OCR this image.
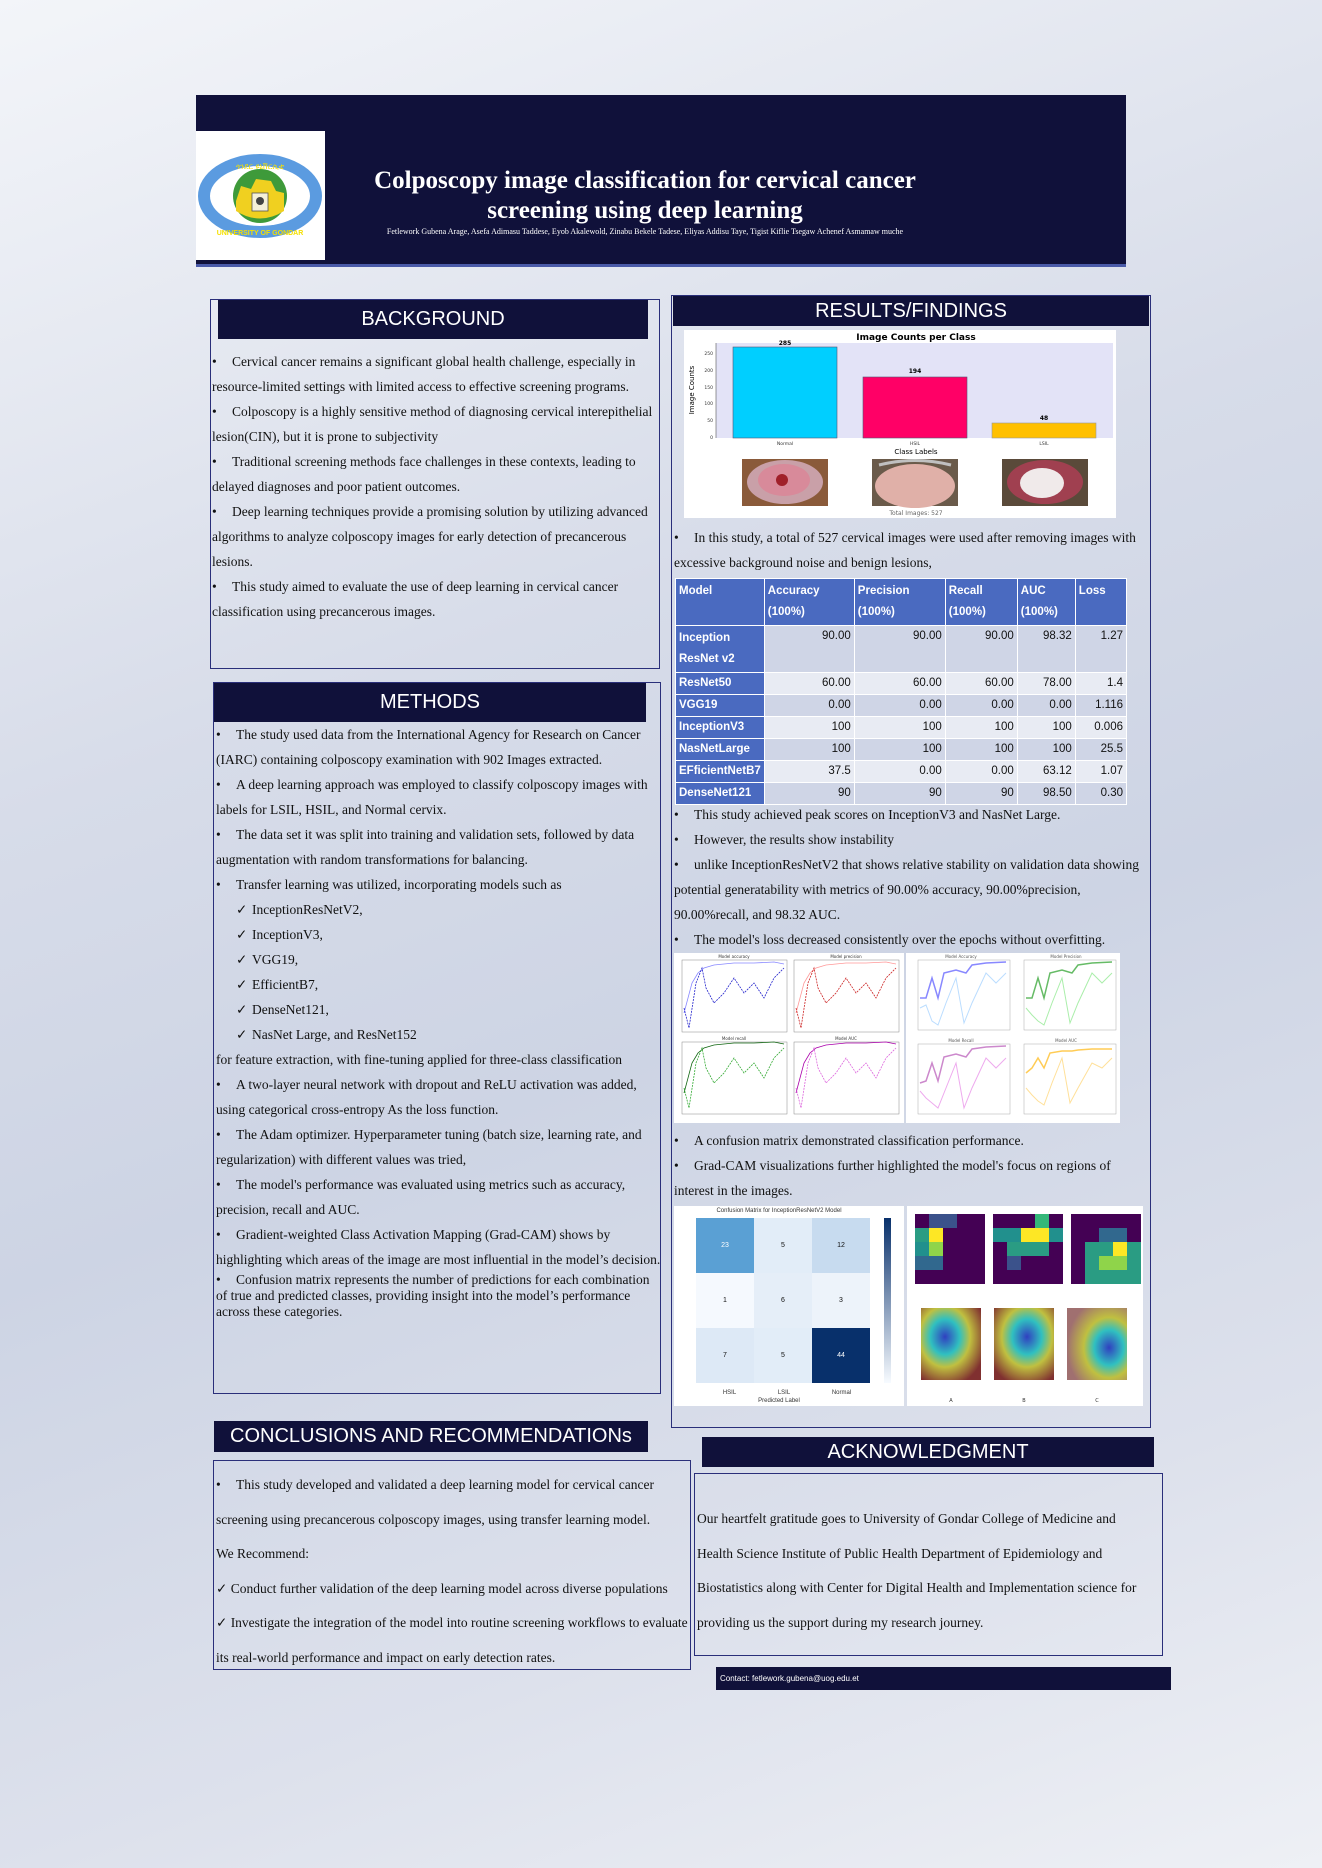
ጎንደር ዩኒቨርሲቲ
UNIVERSITY OF GONDAR
Colposcopy image classification for cervical cancer
screening using deep learning
Fetlework Gubena Arage, Asefa Adimasu Taddese, Eyob Akalewold, Zinabu Bekele Tadese, Eliyas Addisu Taye, Tigist Kiflie Tsegaw Achenef Asmamaw muche
BACKGROUND

• Cervical cancer remains a significant global health challenge, especially in resource-limited settings with limited access to effective screening programs.

• Colposcopy is a highly sensitive method of diagnosing cervical interepithelial lesion(CIN), but it is prone to subjectivity

• Traditional screening methods face challenges in these contexts, leading to delayed diagnoses and poor patient outcomes.

• Deep learning techniques provide a promising solution by utilizing advanced algorithms to analyze colposcopy images for early detection of precancerous lesions.

• This study aimed to evaluate the use of deep learning in cervical cancer classification using precancerous images.

METHODS

• The study used data from the International Agency for Research on Cancer (IARC) containing colposcopy examination with 902 Images extracted.

• A deep learning approach was employed to classify colposcopy images with labels for LSIL, HSIL, and Normal cervix.

• The data set it was split into training and validation sets, followed by data augmentation with random transformations for balancing.

• Transfer learning was utilized, incorporating models such as

✓ InceptionResNetV2,

✓ InceptionV3,

✓ VGG19,

✓ EfficientB7,

✓ DenseNet121,

✓ NasNet Large, and ResNet152

for feature extraction, with fine-tuning applied for three-class classification

• A two-layer neural network with dropout and ReLU activation was added, using categorical cross-entropy As the loss function.

• The Adam optimizer. Hyperparameter tuning (batch size, learning rate, and regularization) with different values was tried,

• The model's performance was evaluated using metrics such as accuracy, precision, recall and AUC.

• Gradient-weighted Class Activation Mapping (Grad-CAM) shows by highlighting which areas of the image are most influential in the model’s decision.

• Confusion matrix represents the number of predictions for each combination of true and predicted classes, providing insight into the model’s performance across these categories.

RESULTS/FINDINGS
Image Counts per Class
Image Counts
0
50
100
150
200
250
285
194
48
Normal	HSIL	LSIL
Class Labels
Total Images: 527

• In this study, a total of 527 cervical images were used after removing images with excessive background noise and benign lesions,

Model	Accuracy (100%)	Precision (100%)	Recall (100%)	AUC (100%)	Loss
Inception ResNet v2	90.00	90.00	90.00	98.32	1.27
ResNet50	60.00	60.00	60.00	78.00	1.4
VGG19	0.00	0.00	0.00	0.00	1.116
InceptionV3	100	100	100	100	0.006
NasNetLarge	100	100	100	100	25.5
EFficientNetB7	37.5	0.00	0.00	63.12	1.07
DenseNet121	90	90	90	98.50	0.30

• This study achieved peak scores on InceptionV3 and NasNet Large.

• However, the results show instability

• unlike InceptionResNetV2 that shows relative stability on validation data showing potential generatability with metrics of 90.00% accuracy, 90.00%precision, 90.00%recall, and 98.32 AUC.

• The model's loss decreased consistently over the epochs without overfitting.

Model accuracy	Model precision
Model recall	Model AUC
Model Accuracy	Model Precision
Model Recall	Model AUC

• A confusion matrix demonstrated classification performance.

• Grad-CAM visualizations further highlighted the model's focus on regions of interest in the images.

Confusion Matrix for InceptionResNetV2 Model
23	5	12
1	6	3
7	5	44
HSIL	LSIL	Normal
Predicted Label	A	B	C
CONCLUSIONS AND RECOMMENDATIONs

• This study developed and validated a deep learning model for cervical cancer screening using precancerous colposcopy images, using transfer learning model.

We Recommend:

✓ Conduct further validation of the deep learning model across diverse populations

✓ Investigate the integration of the model into routine screening workflows to evaluate its real-world performance and impact on early detection rates.

ACKNOWLEDGMENT
Our heartfelt gratitude goes to University of Gondar College of Medicine and Health Science Institute of Public Health Department of Epidemiology and Biostatistics along with Center for Digital Health and Implementation science for providing us the support during my research journey.
Contact: fetlework.gubena@uog.edu.et
